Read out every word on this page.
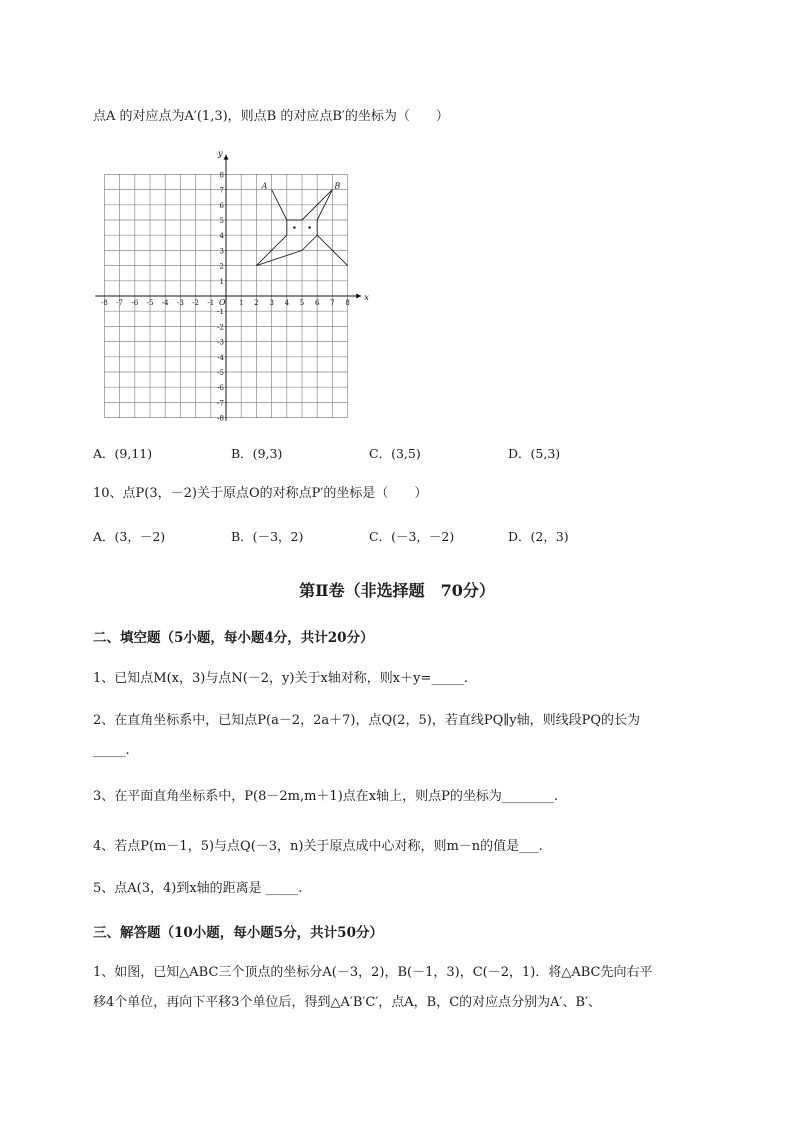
点A 的对应点为A′(1,3)，则点B 的对应点B′的坐标为（　　）
x
y
O
-8 -7 -6 -5 -4 -3 -2 -1	1 2 3 4 5 6 7 8
8
7
6
5
4
3
2
1
-1
-2
-3
-4
-5
-6
-7
-8
A	B
A．(9,11)	B．(9,3)	C．(3,5)	D．(5,3)
10、点P(3，－2)关于原点O的对称点P′的坐标是（　　）
A．(3，－2)	B．(－3，2)	C．(－3，－2)	D．(2，3)
第Ⅱ卷（非选择题　70分）
二、填空题（5小题，每小题4分，共计20分）
1、已知点M(x，3)与点N(－2，y)关于x轴对称，则x＋y=_____.
2、在直角坐标系中，已知点P(a－2，2a＋7)，点Q(2，5)，若直线PQ∥y轴，则线段PQ的长为
_____.
3、在平面直角坐标系中，P(8－2m,m＋1)点在x轴上，则点P的坐标为________.
4、若点P(m－1，5)与点Q(－3，n)关于原点成中心对称，则m－n的值是___.
5、点A(3，4)到x轴的距离是 _____.
三、解答题（10小题，每小题5分，共计50分）
1、如图，已知△ABC三个顶点的坐标分A(－3，2)，B(－1，3)，C(－2，1)．将△ABC先向右平
移4个单位，再向下平移3个单位后，得到△A′B′C′，点A，B，C的对应点分别为A′、B′、
